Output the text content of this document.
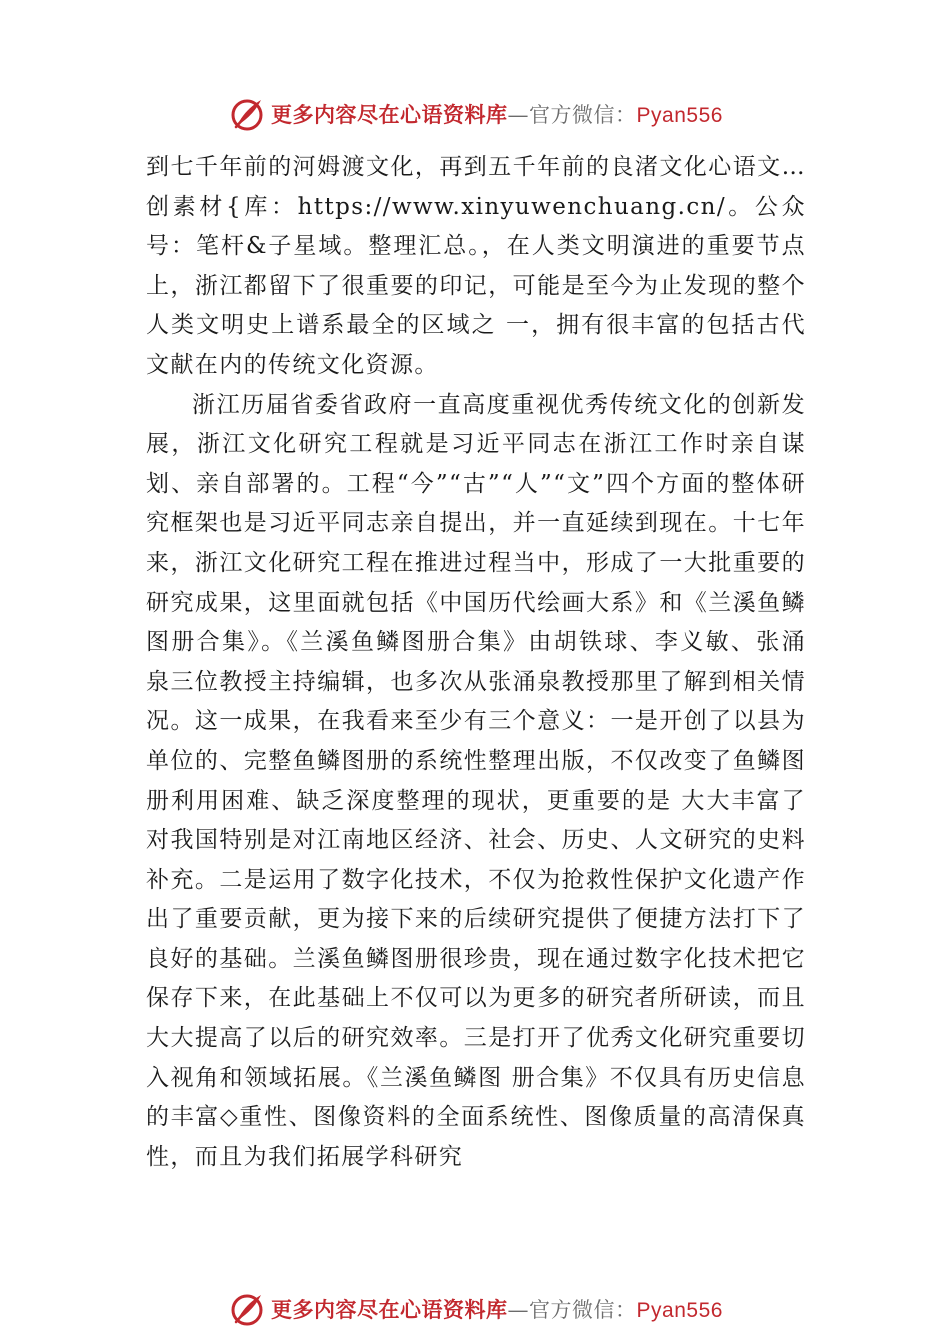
更多内容尽在心语资料库—官方微信：Pyan556

到七千年前的河姆渡文化，再到五千年前的良渚文化心语文…创素材{库：https://www.xinyuwenchuang.cn/。公众号：笔杆&子星域。整理汇总。，在人类文明演进的重要节点上，浙江都留下了很重要的印记，可能是至今为止发现的整个人类文明史上谱系最全的区域之 一，拥有很丰富的包括古代文献在内的传统文化资源。

浙江历届省委省政府一直高度重视优秀传统文化的创新发展，浙江文化研究工程就是习近平同志在浙江工作时亲自谋划、亲自部署的。工程“今”“古”“人”“文”四个方面的整体研究框架也是习近平同志亲自提出，并一直延续到现在。十七年来，浙江文化研究工程在推进过程当中，形成了一大批重要的研究成果，这里面就包括《中国历代绘画大系》和《兰溪鱼鳞图册合集》。《兰溪鱼鳞图册合集》由胡铁球、李义敏、张涌泉三位教授主持编辑，也多次从张涌泉教授那里了解到相关情况。这一成果，在我看来至少有三个意义：一是开创了以县为单位的、完整鱼鳞图册的系统性整理出版，不仅改变了鱼鳞图册利用困难、缺乏深度整理的现状，更重要的是 大大丰富了对我国特别是对江南地区经济、社会、历史、人文研究的史料补充。二是运用了数字化技术，不仅为抢救性保护文化遗产作出了重要贡献，更为接下来的后续研究提供了便捷方法打下了良好的基础。兰溪鱼鳞图册很珍贵，现在通过数字化技术把它保存下来，在此基础上不仅可以为更多的研究者所研读，而且大大提高了以后的研究效率。三是打开了优秀文化研究重要切入视角和领域拓展。《兰溪鱼鳞图 册合集》不仅具有历史信息的丰富◇重性、图像资料的全面系统性、图像质量的高清保真性，而且为我们拓展学科研究

更多内容尽在心语资料库—官方微信：Pyan556
